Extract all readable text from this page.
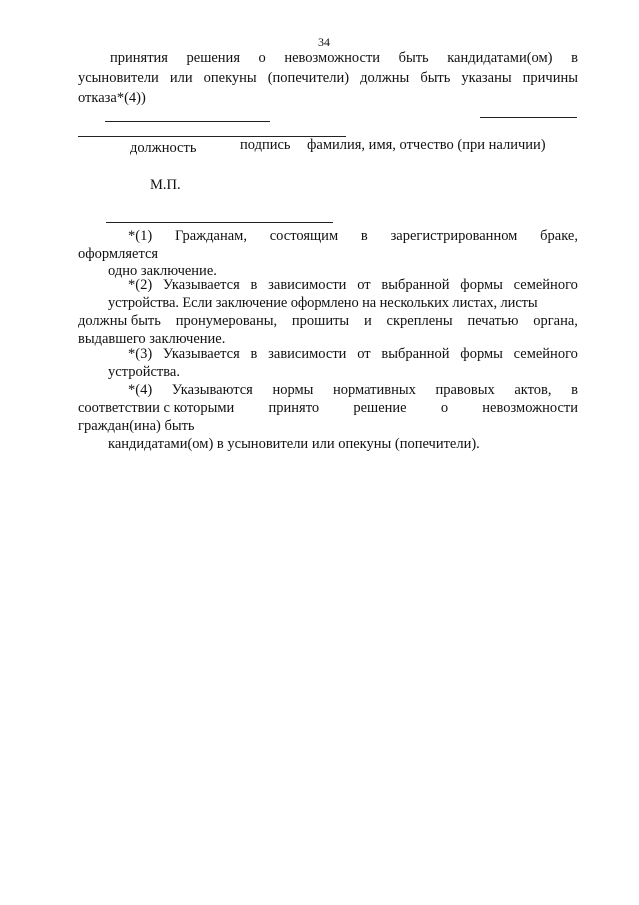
34
принятия решения о невозможности быть кандидатами(ом) в
усыновители или опекуны (попечители) должны быть указаны причины
отказа*(4))
должность	подпись фамилия, имя, отчество (при наличии)
М.П.
*(1) Гражданам, состоящим в зарегистрированном браке,
оформляется
одно заключение.
*(2) Указывается в зависимости от выбранной формы семейного
устройства. Если заключение оформлено на нескольких листах, листы
должны быть пронумерованы, прошиты и скреплены печатью органа,
выдавшего заключение.
*(3) Указывается в зависимости от выбранной формы семейного
устройства.
*(4) Указываются нормы нормативных правовых актов, в
соответствии с которыми принято решение о невозможности
граждан(ина) быть
кандидатами(ом) в усыновители или опекуны (попечители).
